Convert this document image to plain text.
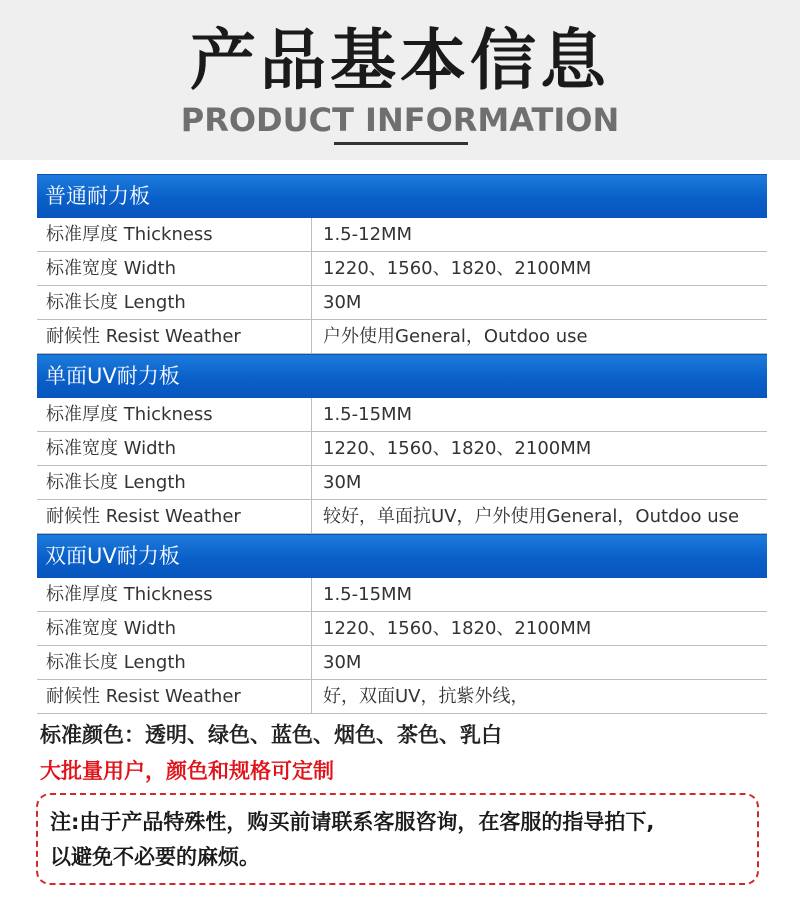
产品基本信息
PRODUCT INFORMATION
普通耐力板
标准厚度 Thickness	1.5-12MM
标准宽度 Width	1220、1560、1820、2100MM
标准长度 Length	30M
耐候性 Resist Weather	户外使用General，Outdoo use
单面UV耐力板
标准厚度 Thickness	1.5-15MM
标准宽度 Width	1220、1560、1820、2100MM
标准长度 Length	30M
耐候性 Resist Weather	较好，单面抗UV，户外使用General，Outdoo use
双面UV耐力板
标准厚度 Thickness	1.5-15MM
标准宽度 Width	1220、1560、1820、2100MM
标准长度 Length	30M
耐候性 Resist Weather	好，双面UV，抗紫外线，
标准颜色：透明、绿色、蓝色、烟色、茶色、乳白
大批量用户，颜色和规格可定制
注:由于产品特殊性，购买前请联系客服咨询，在客服的指导拍下,
以避免不必要的麻烦。
